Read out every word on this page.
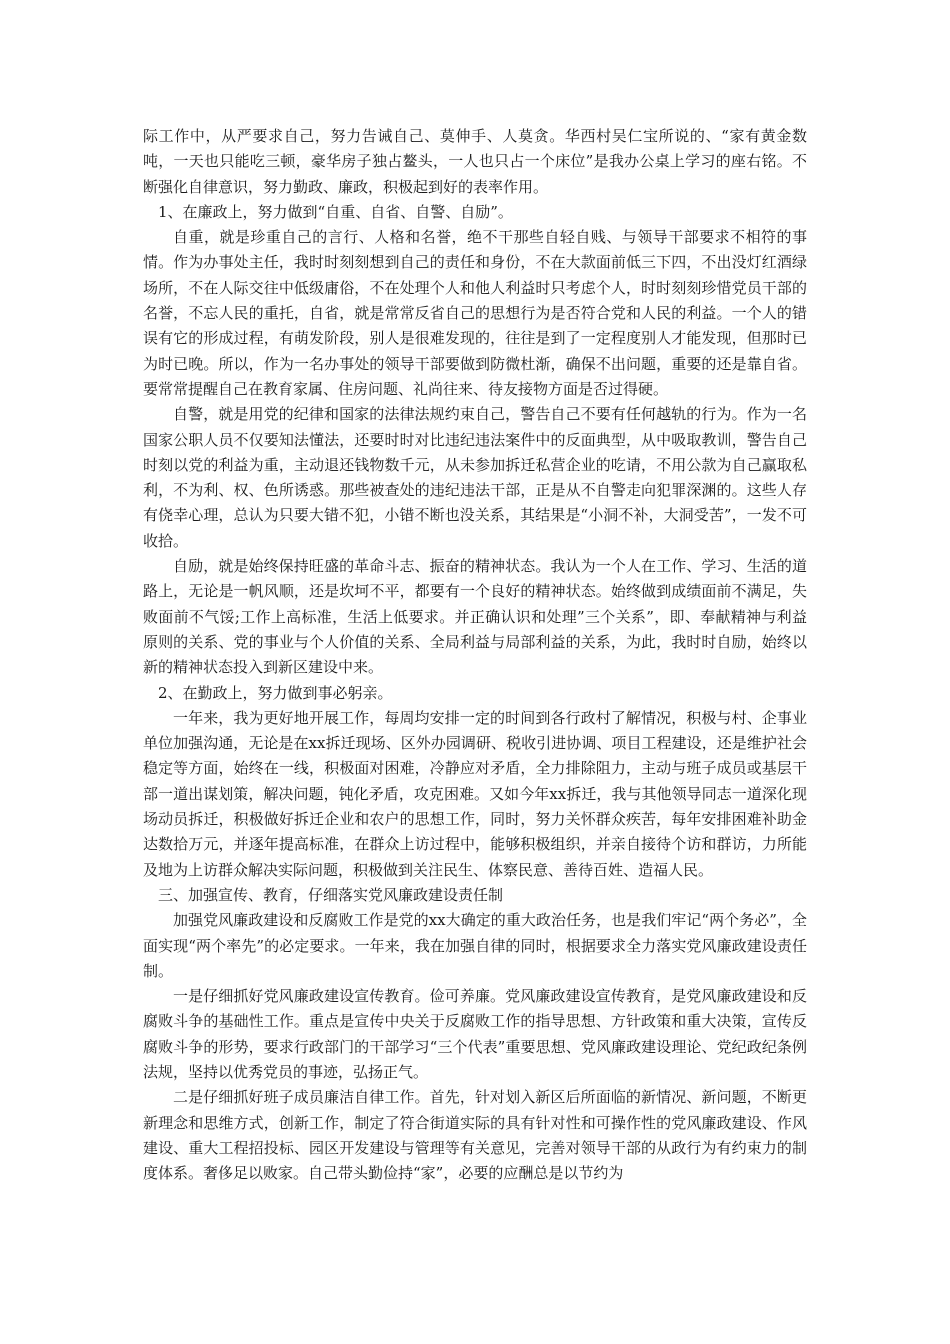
际工作中，从严要求自己，努力告诫自己、莫伸手、人莫贪。华西村吴仁宝所说的、“家有黄金数吨，一天也只能吃三顿，豪华房子独占鳌头，一人也只占一个床位”是我办公桌上学习的座右铭。不断强化自律意识，努力勤政、廉政，积极起到好的表率作用。

1、在廉政上，努力做到“自重、自省、自警、自励”。

自重，就是珍重自己的言行、人格和名誉，绝不干那些自轻自贱、与领导干部要求不相符的事情。作为办事处主任，我时时刻刻想到自己的责任和身份，不在大款面前低三下四，不出没灯红酒绿场所，不在人际交往中低级庸俗，不在处理个人和他人利益时只考虑个人，时时刻刻珍惜党员干部的名誉，不忘人民的重托，自省，就是常常反省自己的思想行为是否符合党和人民的利益。一个人的错误有它的形成过程，有萌发阶段，别人是很难发现的，往往是到了一定程度别人才能发现，但那时已为时已晚。所以，作为一名办事处的领导干部要做到防微杜渐，确保不出问题，重要的还是靠自省。要常常提醒自己在教育家属、住房问题、礼尚往来、待友接物方面是否过得硬。

自警，就是用党的纪律和国家的法律法规约束自己，警告自己不要有任何越轨的行为。作为一名国家公职人员不仅要知法懂法，还要时时对比违纪违法案件中的反面典型，从中吸取教训，警告自己时刻以党的利益为重，主动退还钱物数千元，从未参加拆迁私营企业的吃请，不用公款为自己赢取私利，不为利、权、色所诱惑。那些被查处的违纪违法干部，正是从不自警走向犯罪深渊的。这些人存有侥幸心理，总认为只要大错不犯，小错不断也没关系，其结果是“小洞不补，大洞受苦”，一发不可收拾。

自励，就是始终保持旺盛的革命斗志、振奋的精神状态。我认为一个人在工作、学习、生活的道路上，无论是一帆风顺，还是坎坷不平，都要有一个良好的精神状态。始终做到成绩面前不满足，失败面前不气馁;工作上高标准，生活上低要求。并正确认识和处理”三个关系”，即、奉献精神与利益原则的关系、党的事业与个人价值的关系、全局利益与局部利益的关系，为此，我时时自励，始终以新的精神状态投入到新区建设中来。

2、在勤政上，努力做到事必躬亲。

一年来，我为更好地开展工作，每周均安排一定的时间到各行政村了解情况，积极与村、企事业单位加强沟通，无论是在xx拆迁现场、区外办园调研、税收引进协调、项目工程建设，还是维护社会稳定等方面，始终在一线，积极面对困难，冷静应对矛盾，全力排除阻力，主动与班子成员或基层干部一道出谋划策，解决问题，钝化矛盾，攻克困难。又如今年xx拆迁，我与其他领导同志一道深化现场动员拆迁，积极做好拆迁企业和农户的思想工作，同时，努力关怀群众疾苦，每年安排困难补助金达数拾万元，并逐年提高标准，在群众上访过程中，能够积极组织，并亲自接待个访和群访，力所能及地为上访群众解决实际问题，积极做到关注民生、体察民意、善待百姓、造福人民。

三、加强宣传、教育，仔细落实党风廉政建设责任制

加强党风廉政建设和反腐败工作是党的xx大确定的重大政治任务，也是我们牢记“两个务必”，全面实现“两个率先”的必定要求。一年来，我在加强自律的同时，根据要求全力落实党风廉政建设责任制。

一是仔细抓好党风廉政建设宣传教育。俭可养廉。党风廉政建设宣传教育，是党风廉政建设和反腐败斗争的基础性工作。重点是宣传中央关于反腐败工作的指导思想、方针政策和重大决策，宣传反腐败斗争的形势，要求行政部门的干部学习“三个代表”重要思想、党风廉政建设理论、党纪政纪条例法规，坚持以优秀党员的事迹，弘扬正气。

二是仔细抓好班子成员廉洁自律工作。首先，针对划入新区后所面临的新情况、新问题，不断更新理念和思维方式，创新工作，制定了符合街道实际的具有针对性和可操作性的党风廉政建设、作风建设、重大工程招投标、园区开发建设与管理等有关意见，完善对领导干部的从政行为有约束力的制度体系。奢侈足以败家。自己带头勤俭持“家”，必要的应酬总是以节约为
